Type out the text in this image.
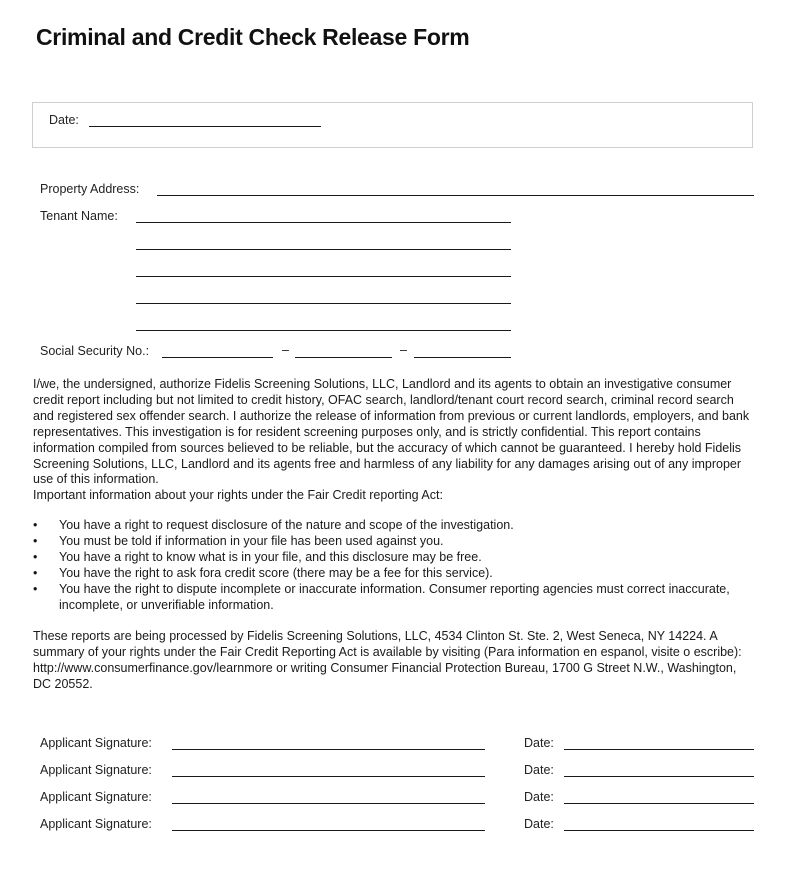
Criminal and Credit Check Release Form
Date:
Property Address:
Tenant Name:
Social Security No.:	–	–

I/we, the undersigned, authorize Fidelis Screening Solutions, LLC, Landlord and its agents to obtain an investigative consumer credit report including but not limited to credit history, OFAC search, landlord/tenant court record search, criminal record search and registered sex offender search. I authorize the release of information from previous or current landlords, employers, and bank representatives. This investigation is for resident screening purposes only, and is strictly confidential. This report contains information compiled from sources believed to be reliable, but the accuracy of which cannot be guaranteed. I hereby hold Fidelis Screening Solutions, LLC, Landlord and its agents free and harmless of any liability for any damages arising out of any improper use of this information.

Important information about your rights under the Fair Credit reporting Act:

•	You have a right to request disclosure of the nature and scope of the investigation.
•	You must be told if information in your file has been used against you.
•	You have a right to know what is in your file, and this disclosure may be free.
•	You have the right to ask fora credit score (there may be a fee for this service).
•	You have the right to dispute incomplete or inaccurate information. Consumer reporting agencies must correct inaccurate, incomplete, or unverifiable information.

These reports are being processed by Fidelis Screening Solutions, LLC, 4534 Clinton St. Ste. 2, West Seneca, NY 14224. A summary of your rights under the Fair Credit Reporting Act is available by visiting (Para information en espanol, visite o escribe): http://www.consumerfinance.gov/learnmore or writing Consumer Financial Protection Bureau, 1700 G Street N.W., Washington, DC 20552.

Applicant Signature:	Date:
Applicant Signature:	Date:
Applicant Signature:	Date:
Applicant Signature:	Date:
